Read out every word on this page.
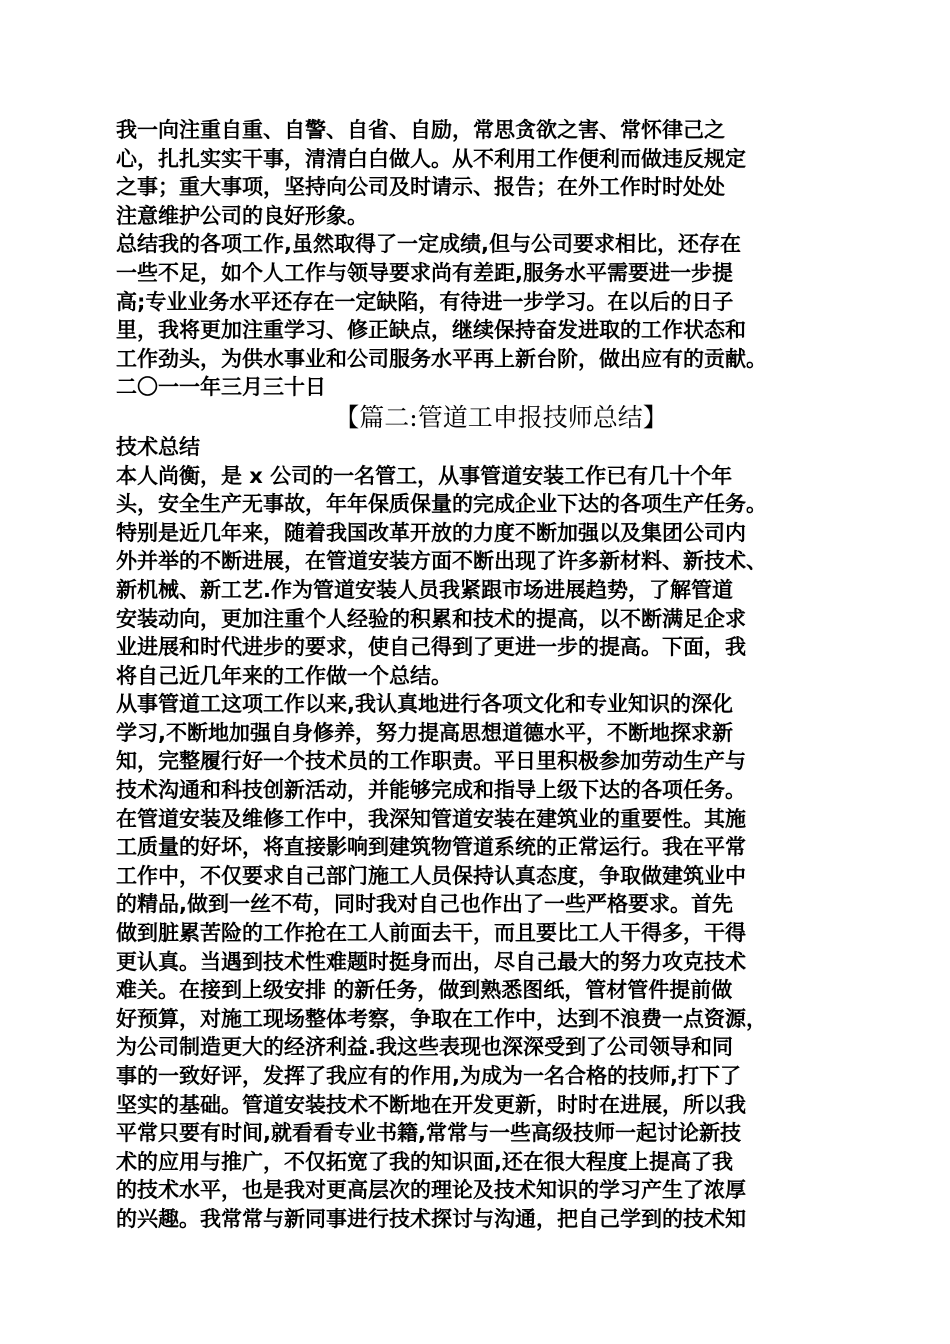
我一向注重自重、自警、自省、自励，常思贪欲之害、常怀律己之
心，扎扎实实干事，清清白白做人。从不利用工作便利而做违反规定
之事；重大事项，坚持向公司及时请示、报告；在外工作时时处处
注意维护公司的良好形象。
总结我的各项工作,虽然取得了一定成绩,但与公司要求相比，还存在
一些不足，如个人工作与领导要求尚有差距,服务水平需要进一步提
高;专业业务水平还存在一定缺陷，有待进一步学习。在以后的日子
里，我将更加注重学习、修正缺点，继续保持奋发进取的工作状态和
工作劲头，为供水事业和公司服务水平再上新台阶，做出应有的贡献。
二〇一一年三月三十日
【篇二:管道工申报技师总结】
技术总结
本人尚衡，是 x 公司的一名管工，从事管道安装工作已有几十个年
头，安全生产无事故，年年保质保量的完成企业下达的各项生产任务。
特别是近几年来，随着我国改革开放的力度不断加强以及集团公司内
外并举的不断进展，在管道安装方面不断出现了许多新材料、新技术、
新机械、新工艺.作为管道安装人员我紧跟市场进展趋势，了解管道
安装动向，更加注重个人经验的积累和技术的提高，以不断满足企求
业进展和时代进步的要求，使自己得到了更进一步的提高。下面，我
将自己近几年来的工作做一个总结。
从事管道工这项工作以来,我认真地进行各项文化和专业知识的深化
学习,不断地加强自身修养，努力提高思想道德水平，不断地探求新
知，完整履行好一个技术员的工作职责。平日里积极参加劳动生产与
技术沟通和科技创新活动，并能够完成和指导上级下达的各项任务。
在管道安装及维修工作中，我深知管道安装在建筑业的重要性。其施
工质量的好坏，将直接影响到建筑物管道系统的正常运行。我在平常
工作中，不仅要求自己部门施工人员保持认真态度，争取做建筑业中
的精品,做到一丝不苟，同时我对自己也作出了一些严格要求。首先
做到脏累苦险的工作抢在工人前面去干，而且要比工人干得多，干得
更认真。当遇到技术性难题时挺身而出，尽自己最大的努力攻克技术
难关。在接到上级安排 的新任务，做到熟悉图纸，管材管件提前做
好预算，对施工现场整体考察，争取在工作中，达到不浪费一点资源，
为公司制造更大的经济利益.我这些表现也深深受到了公司领导和同
事的一致好评，发挥了我应有的作用,为成为一名合格的技师,打下了
坚实的基础。管道安装技术不断地在开发更新，时时在进展，所以我
平常只要有时间,就看看专业书籍,常常与一些高级技师一起讨论新技
术的应用与推广，不仅拓宽了我的知识面,还在很大程度上提高了我
的技术水平，也是我对更高层次的理论及技术知识的学习产生了浓厚
的兴趣。我常常与新同事进行技术探讨与沟通，把自己学到的技术知
